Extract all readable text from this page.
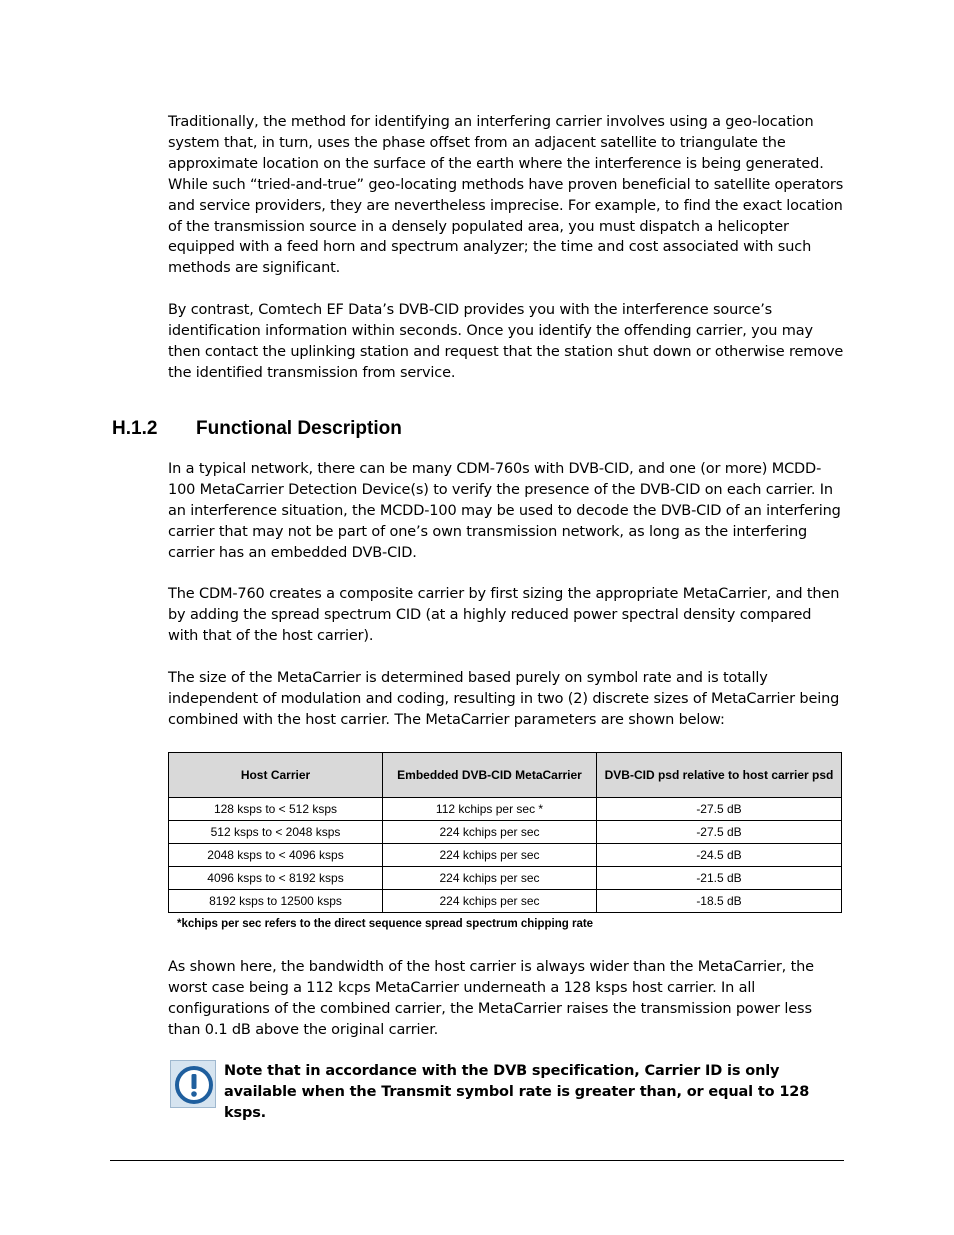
Traditionally, the method for identifying an interfering carrier involves using a geo-location system that, in turn, uses the phase offset from an adjacent satellite to triangulate the approximate location on the surface of the earth where the interference is being generated. While such “tried-and-true” geo-locating methods have proven beneficial to satellite operators and service providers, they are nevertheless imprecise. For example, to find the exact location of the transmission source in a densely populated area, you must dispatch a helicopter equipped with a feed horn and spectrum analyzer; the time and cost associated with such methods are significant.

By contrast, Comtech EF Data’s DVB-CID provides you with the interference source’s identification information within seconds. Once you identify the offending carrier, you may then contact the uplinking station and request that the station shut down or otherwise remove the identified transmission from service.

H.1.2 Functional Description

In a typical network, there can be many CDM-760s with DVB-CID, and one (or more) MCDD-100 MetaCarrier Detection Device(s) to verify the presence of the DVB-CID on each carrier. In an interference situation, the MCDD-100 may be used to decode the DVB-CID of an interfering carrier that may not be part of one’s own transmission network, as long as the interfering carrier has an embedded DVB-CID.

The CDM-760 creates a composite carrier by first sizing the appropriate MetaCarrier, and then by adding the spread spectrum CID (at a highly reduced power spectral density compared with that of the host carrier).

The size of the MetaCarrier is determined based purely on symbol rate and is totally independent of modulation and coding, resulting in two (2) discrete sizes of MetaCarrier being combined with the host carrier. The MetaCarrier parameters are shown below:

Host Carrier	Embedded DVB-CID MetaCarrier	DVB-CID psd relative to host carrier psd
128 ksps to < 512 ksps	112 kchips per sec *	-27.5 dB
512 ksps to < 2048 ksps	224 kchips per sec	-27.5 dB
2048 ksps to < 4096 ksps	224 kchips per sec	-24.5 dB
4096 ksps to < 8192 ksps	224 kchips per sec	-21.5 dB
8192 ksps to 12500 ksps	224 kchips per sec	-18.5 dB
*kchips per sec refers to the direct sequence spread spectrum chipping rate

As shown here, the bandwidth of the host carrier is always wider than the MetaCarrier, the worst case being a 112 kcps MetaCarrier underneath a 128 ksps host carrier. In all configurations of the combined carrier, the MetaCarrier raises the transmission power less than 0.1 dB above the original carrier.

Note that in accordance with the DVB specification, Carrier ID is only available when the Transmit symbol rate is greater than, or equal to 128 ksps.
